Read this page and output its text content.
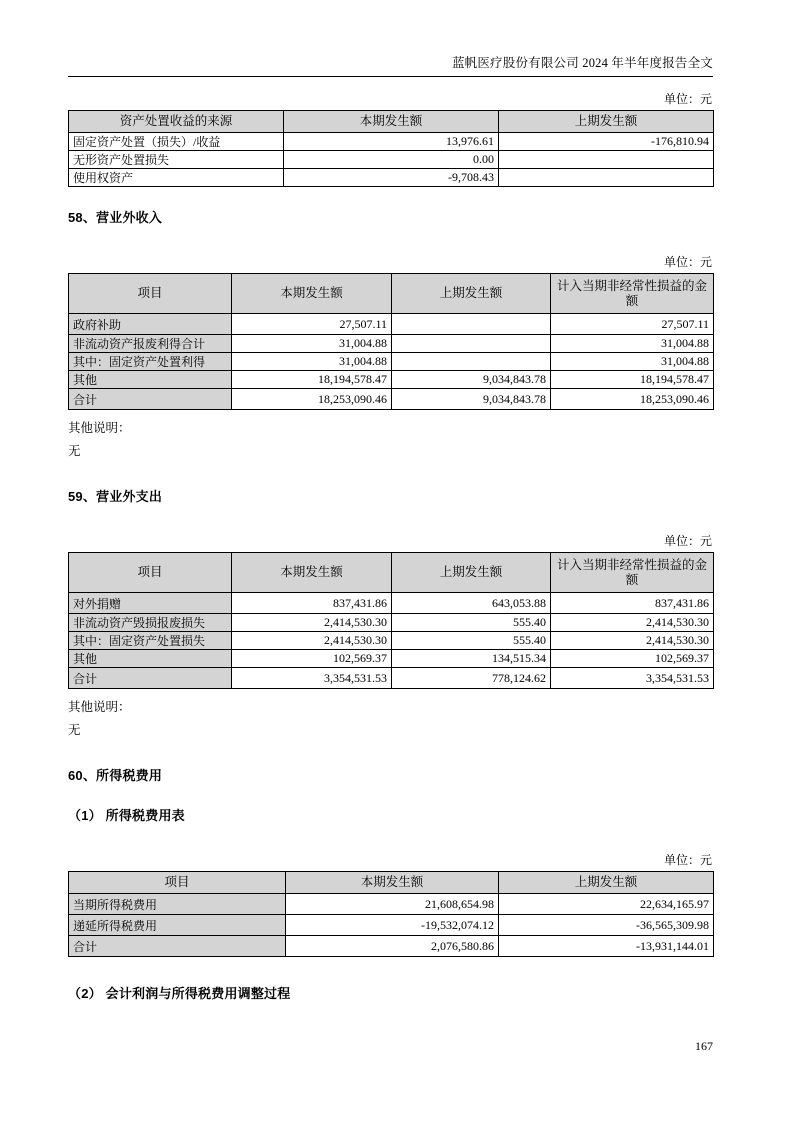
蓝帆医疗股份有限公司 2024 年半年度报告全文
单位：元
资产处置收益的来源	本期发生额	上期发生额
固定资产处置（损失）/收益	13,976.61	-176,810.94
无形资产处置损失	0.00	
使用权资产	-9,708.43	
58、营业外收入
单位：元
项目	本期发生额	上期发生额	计入当期非经常性损益的金额
政府补助	27,507.11		27,507.11
非流动资产报废利得合计	31,004.88		31,004.88
其中：固定资产处置利得	31,004.88		31,004.88
其他	18,194,578.47	9,034,843.78	18,194,578.47
合计	18,253,090.46	9,034,843.78	18,253,090.46

其他说明：

无

59、营业外支出
单位：元
项目	本期发生额	上期发生额	计入当期非经常性损益的金额
对外捐赠	837,431.86	643,053.88	837,431.86
非流动资产毁损报废损失	2,414,530.30	555.40	2,414,530.30
其中：固定资产处置损失	2,414,530.30	555.40	2,414,530.30
其他	102,569.37	134,515.34	102,569.37
合计	3,354,531.53	778,124.62	3,354,531.53

其他说明：

无

60、所得税费用
（1） 所得税费用表
单位：元
项目	本期发生额	上期发生额
当期所得税费用	21,608,654.98	22,634,165.97
递延所得税费用	-19,532,074.12	-36,565,309.98
合计	2,076,580.86	-13,931,144.01
（2） 会计利润与所得税费用调整过程
167
